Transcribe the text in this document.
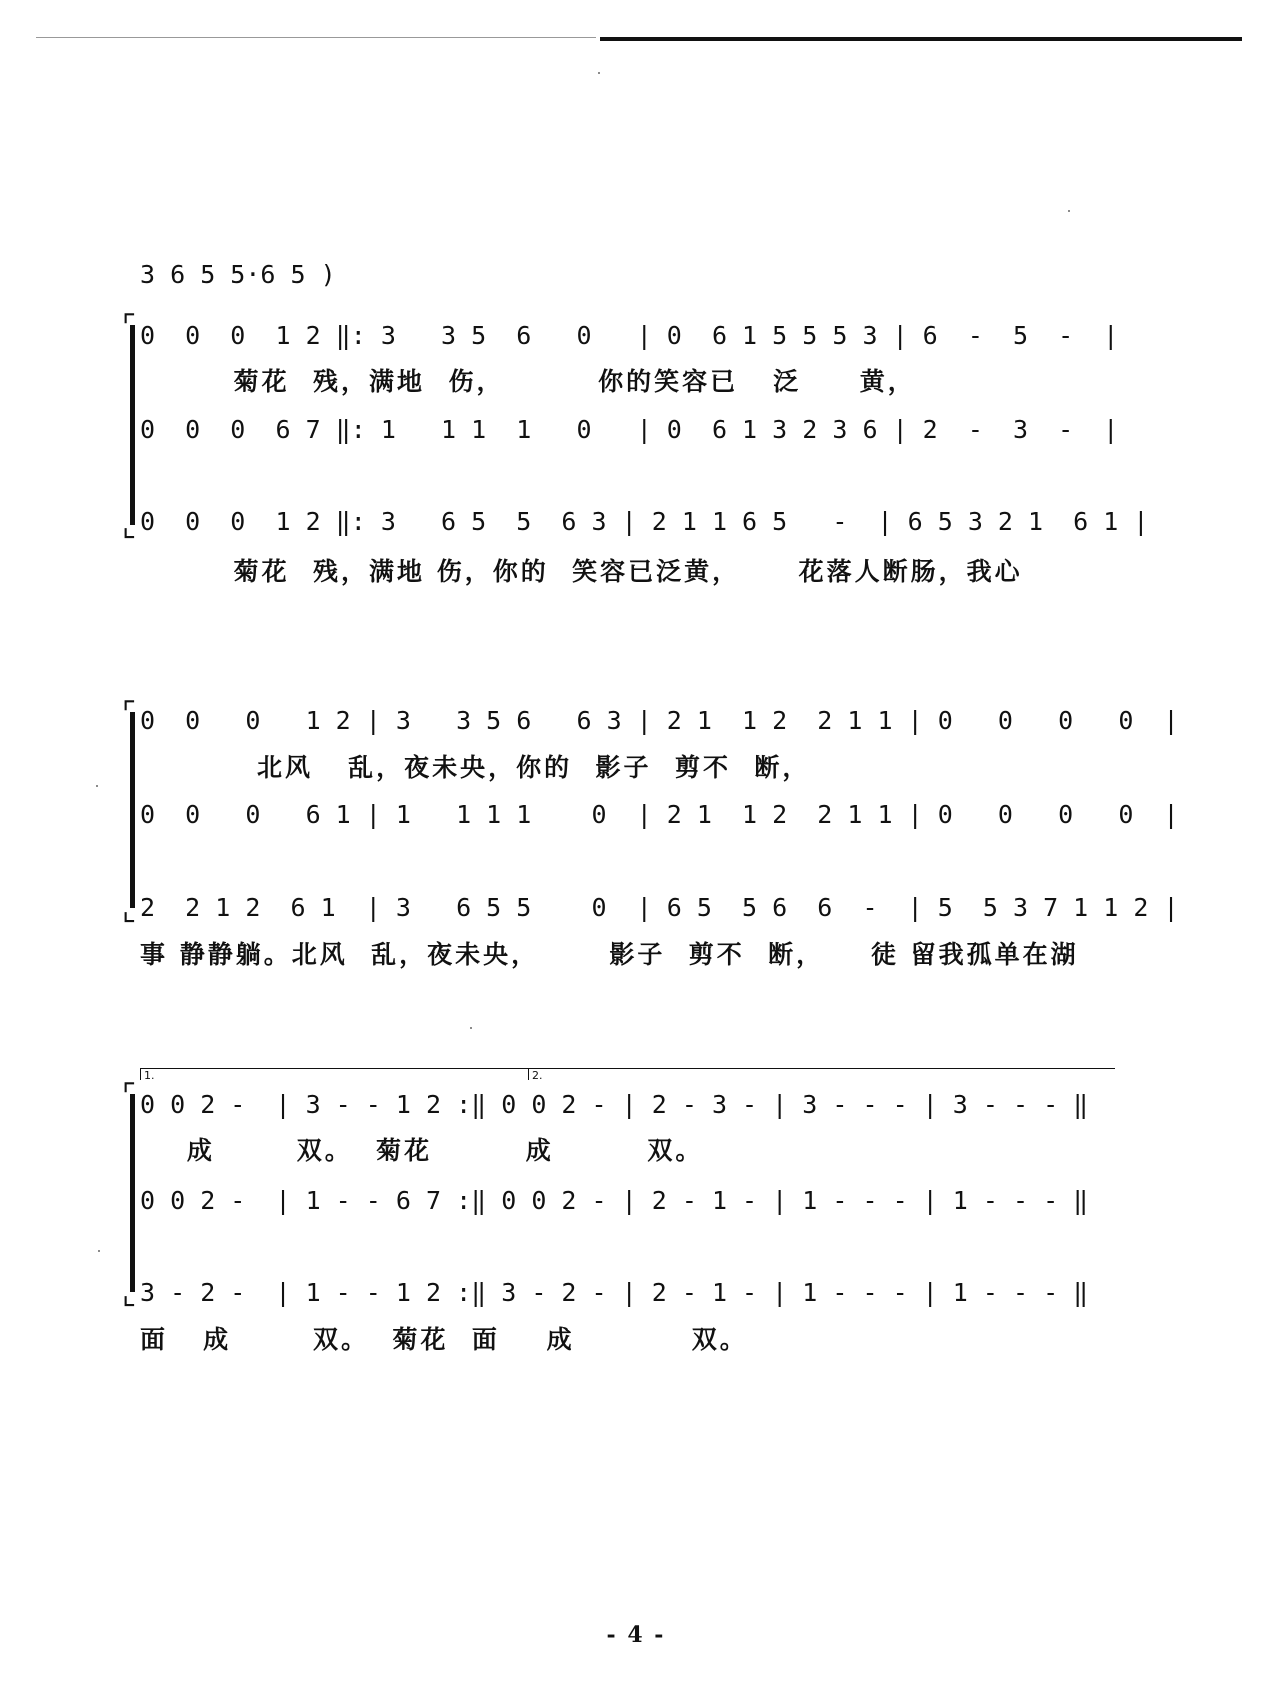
3 6 5 5·6 5 )
⌜
⌞
0  0  0  1 2 ‖: 3   3 5  6   0   | 0  6 1 5 5 5 3 | 6  -  5  -  |
菊花  残，满地  伤，        你的笑容已   泛     黄，
0  0  0  6 7 ‖: 1   1 1  1   0   | 0  6 1 3 2 3 6 | 2  -  3  -  |
0  0  0  1 2 ‖: 3   6 5  5  6 3 | 2 1 1 6 5   -  | 6 5 3 2 1  6 1 |
菊花  残，满地 伤，你的  笑容已泛黄，     花落人断肠，我心
⌜
⌞
0  0   0   1 2 | 3   3 5 6   6 3 | 2 1  1 2  2 1 1 | 0   0   0   0  |
北风   乱，夜未央，你的  影子  剪不  断，
0  0   0   6 1 | 1   1 1 1    0  | 2 1  1 2  2 1 1 | 0   0   0   0  |
2  2 1 2  6 1  | 3   6 5 5    0  | 6 5  5 6  6  -  | 5  5 3 7 1 1 2 |
事 静静躺。北风  乱，夜未央，      影子  剪不  断，    徒 留我孤单在湖
1.	2.
⌜
⌞
0 0 2 -  | 3 - - 1 2 :‖ 0 0 2 - | 2 - 3 - | 3 - - - | 3 - - - ‖
成       双。  菊花        成        双。
0 0 2 -  | 1 - - 6 7 :‖ 0 0 2 - | 2 - 1 - | 1 - - - | 1 - - - ‖
3 - 2 -  | 1 - - 1 2 :‖ 3 - 2 - | 2 - 1 - | 1 - - - | 1 - - - ‖
面   成       双。  菊花  面    成          双。
- 4 -
